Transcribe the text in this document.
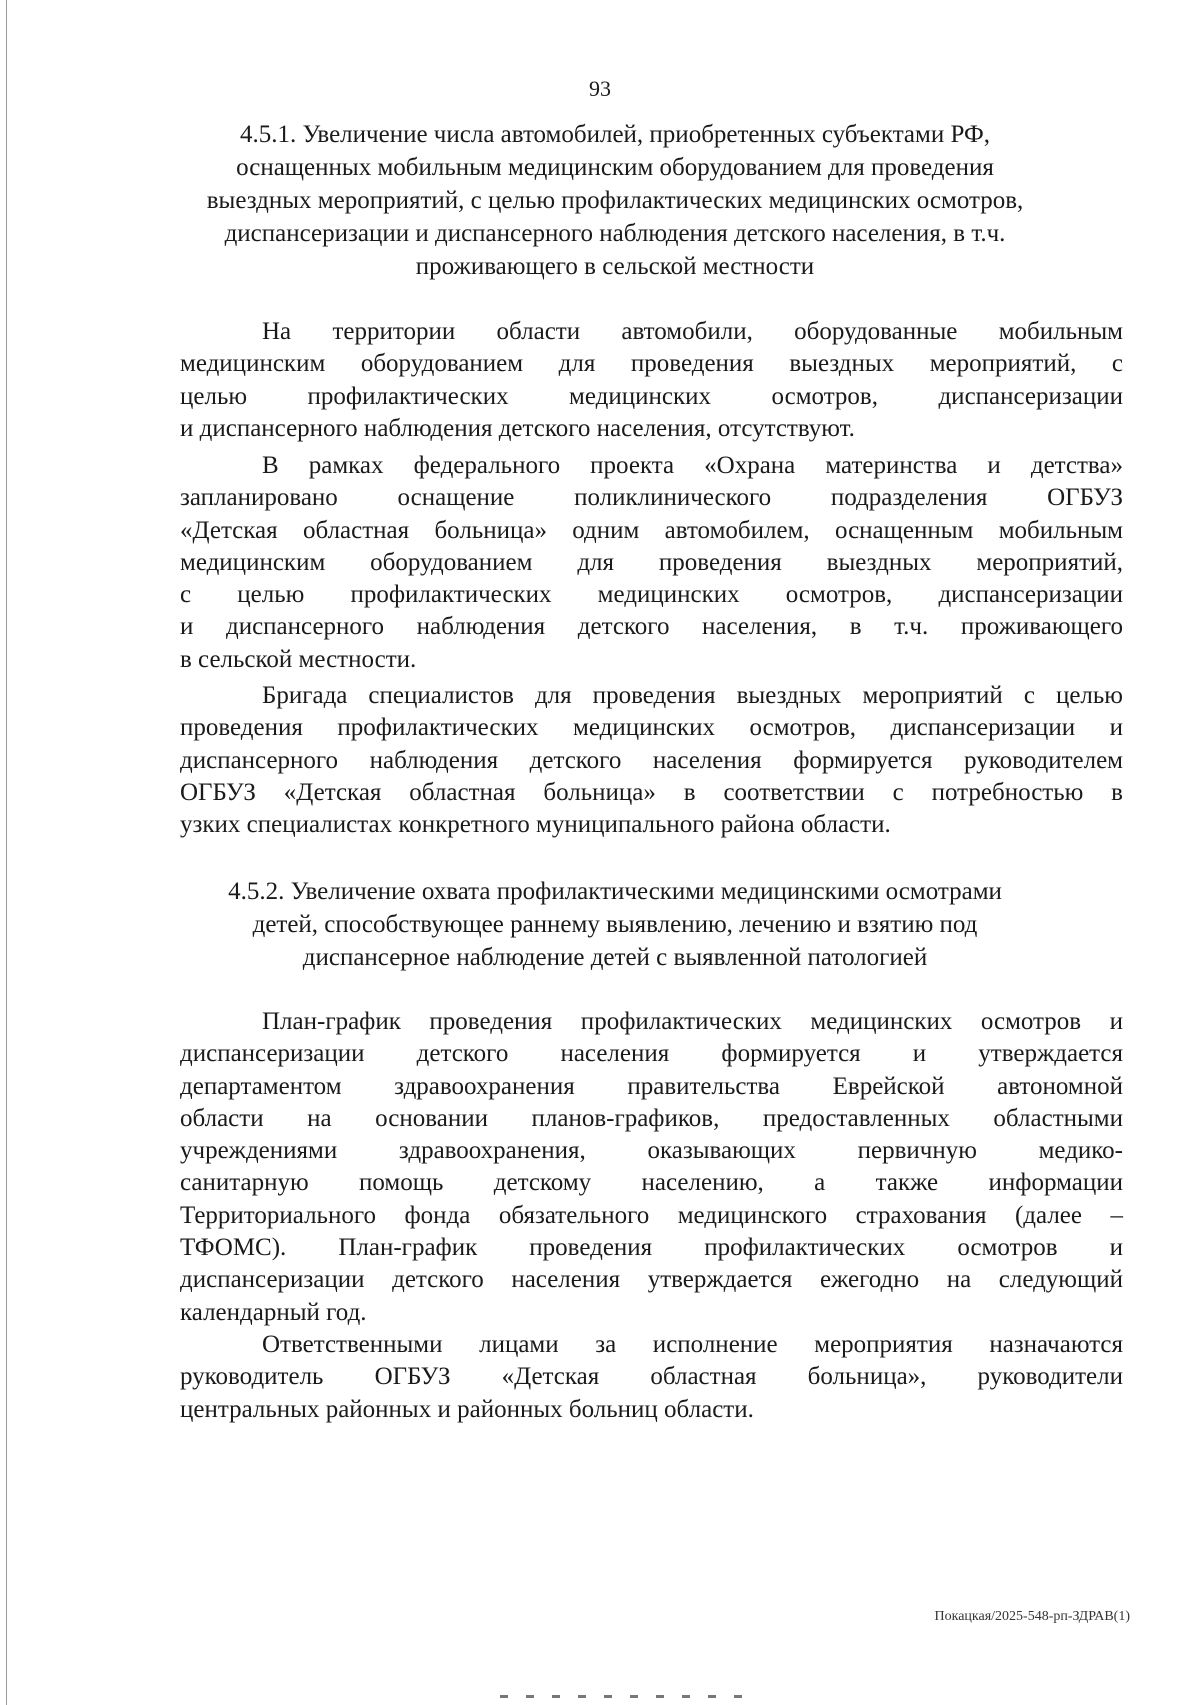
93
4.5.1. Увеличение числа автомобилей, приобретенных субъектами РФ,
оснащенных мобильным медицинским оборудованием для проведения
выездных мероприятий, с целью профилактических медицинских осмотров,
диспансеризации и диспансерного наблюдения детского населения, в т.ч.
проживающего в сельской местности
На территории области автомобили, оборудованные мобильным
медицинским оборудованием для проведения выездных мероприятий, с
целью профилактических медицинских осмотров, диспансеризации
и диспансерного наблюдения детского населения, отсутствуют.
В рамках федерального проекта «Охрана материнства и детства»
запланировано оснащение поликлинического подразделения ОГБУЗ
«Детская областная больница» одним автомобилем, оснащенным мобильным
медицинским оборудованием для проведения выездных мероприятий,
с целью профилактических медицинских осмотров, диспансеризации
и диспансерного наблюдения детского населения, в т.ч. проживающего
в сельской местности.
Бригада специалистов для проведения выездных мероприятий с целью
проведения профилактических медицинских осмотров, диспансеризации и
диспансерного наблюдения детского населения формируется руководителем
ОГБУЗ «Детская областная больница» в соответствии с потребностью в
узких специалистах конкретного муниципального района области.
4.5.2. Увеличение охвата профилактическими медицинскими осмотрами
детей, способствующее раннему выявлению, лечению и взятию под
диспансерное наблюдение детей с выявленной патологией
План-график проведения профилактических медицинских осмотров и
диспансеризации детского населения формируется и утверждается
департаментом здравоохранения правительства Еврейской автономной
области на основании планов-графиков, предоставленных областными
учреждениями здравоохранения, оказывающих первичную медико-
санитарную помощь детскому населению, а также информации
Территориального фонда обязательного медицинского страхования (далее –
ТФОМС). План-график проведения профилактических осмотров и
диспансеризации детского населения утверждается ежегодно на следующий
календарный год.
Ответственными лицами за исполнение мероприятия назначаются
руководитель ОГБУЗ «Детская областная больница», руководители
центральных районных и районных больниц области.
Покацкая/2025-548-рп-ЗДРАВ(1)
